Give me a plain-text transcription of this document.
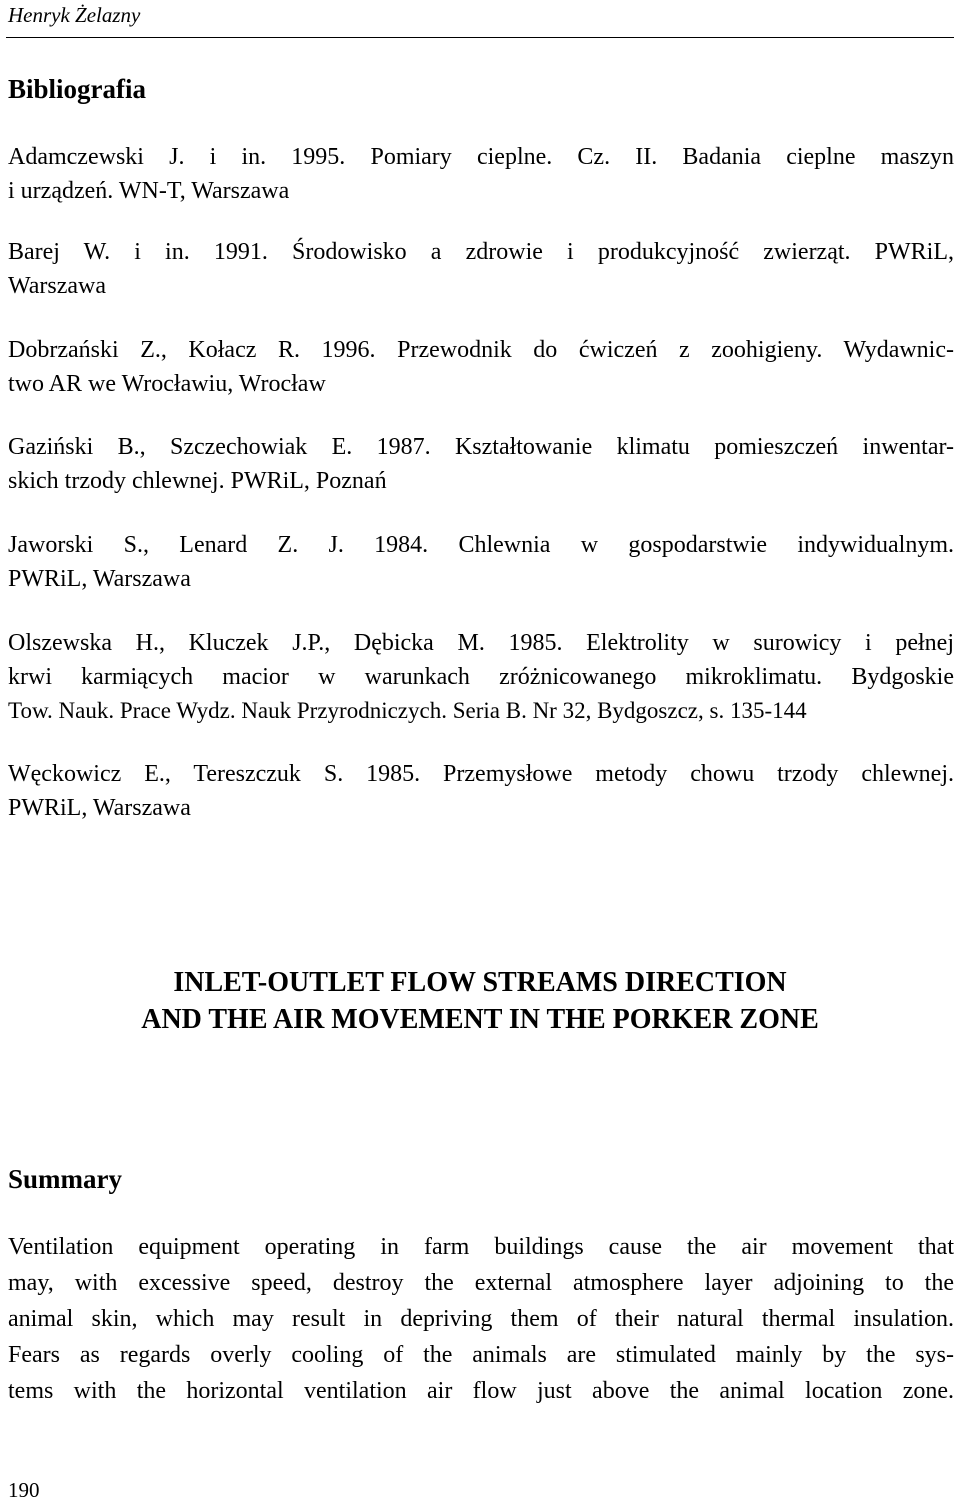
Henryk Żelazny
Bibliografia
Adamczewski J. i in. 1995. Pomiary cieplne. Cz. II. Badania cieplne maszyn
i urządzeń. WN-T, Warszawa
Barej W. i in. 1991. Środowisko a zdrowie i produkcyjność zwierząt. PWRiL,
Warszawa
Dobrzański Z., Kołacz R. 1996. Przewodnik do ćwiczeń z zoohigieny. Wydawnic-
two AR we Wrocławiu, Wrocław
Gaziński B., Szczechowiak E. 1987. Kształtowanie klimatu pomieszczeń inwentar-
skich trzody chlewnej. PWRiL, Poznań
Jaworski S., Lenard Z. J. 1984. Chlewnia w gospodarstwie indywidualnym.
PWRiL, Warszawa
Olszewska H., Kluczek J.P., Dębicka M. 1985. Elektrolity w surowicy i pełnej
krwi karmiących macior w warunkach zróżnicowanego mikroklimatu. Bydgoskie
Tow. Nauk. Prace Wydz. Nauk Przyrodniczych. Seria B. Nr 32, Bydgoszcz, s. 135-144
Węckowicz E., Tereszczuk S. 1985. Przemysłowe metody chowu trzody chlewnej.
PWRiL, Warszawa
INLET-OUTLET FLOW STREAMS DIRECTION
AND THE AIR MOVEMENT IN THE PORKER ZONE
Summary
Ventilation equipment operating in farm buildings cause the air movement that
may, with excessive speed, destroy the external atmosphere layer adjoining to the
animal skin, which may result in depriving them of their natural thermal insulation.
Fears as regards overly cooling of the animals are stimulated mainly by the sys-
tems with the horizontal ventilation air flow just above the animal location zone.
190
